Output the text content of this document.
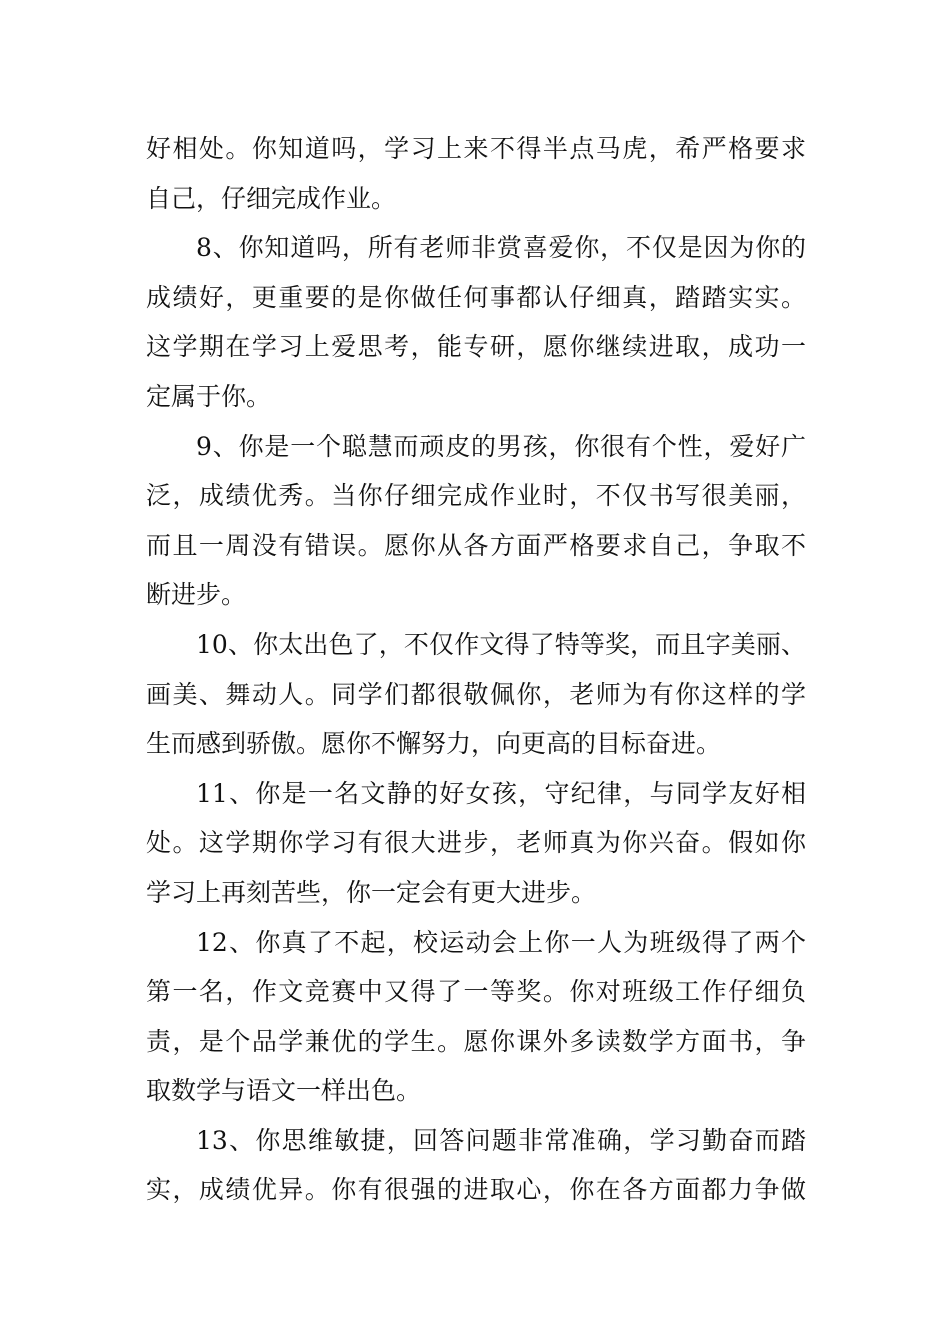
好相处。你知道吗，学习上来不得半点马虎，希严格要求
自己，仔细完成作业。
8、你知道吗，所有老师非赏喜爱你，不仅是因为你的
成绩好，更重要的是你做任何事都认仔细真，踏踏实实。
这学期在学习上爱思考，能专研，愿你继续进取，成功一
定属于你。
9、你是一个聪慧而顽皮的男孩，你很有个性，爱好广
泛，成绩优秀。当你仔细完成作业时，不仅书写很美丽，
而且一周没有错误。愿你从各方面严格要求自己，争取不
断进步。
10、你太出色了，不仅作文得了特等奖，而且字美丽、
画美、舞动人。同学们都很敬佩你，老师为有你这样的学
生而感到骄傲。愿你不懈努力，向更高的目标奋进。
11、你是一名文静的好女孩，守纪律，与同学友好相
处。这学期你学习有很大进步，老师真为你兴奋。假如你
学习上再刻苦些，你一定会有更大进步。
12、你真了不起，校运动会上你一人为班级得了两个
第一名，作文竞赛中又得了一等奖。你对班级工作仔细负
责，是个品学兼优的学生。愿你课外多读数学方面书，争
取数学与语文一样出色。
13、你思维敏捷，回答问题非常准确，学习勤奋而踏
实，成绩优异。你有很强的进取心，你在各方面都力争做
